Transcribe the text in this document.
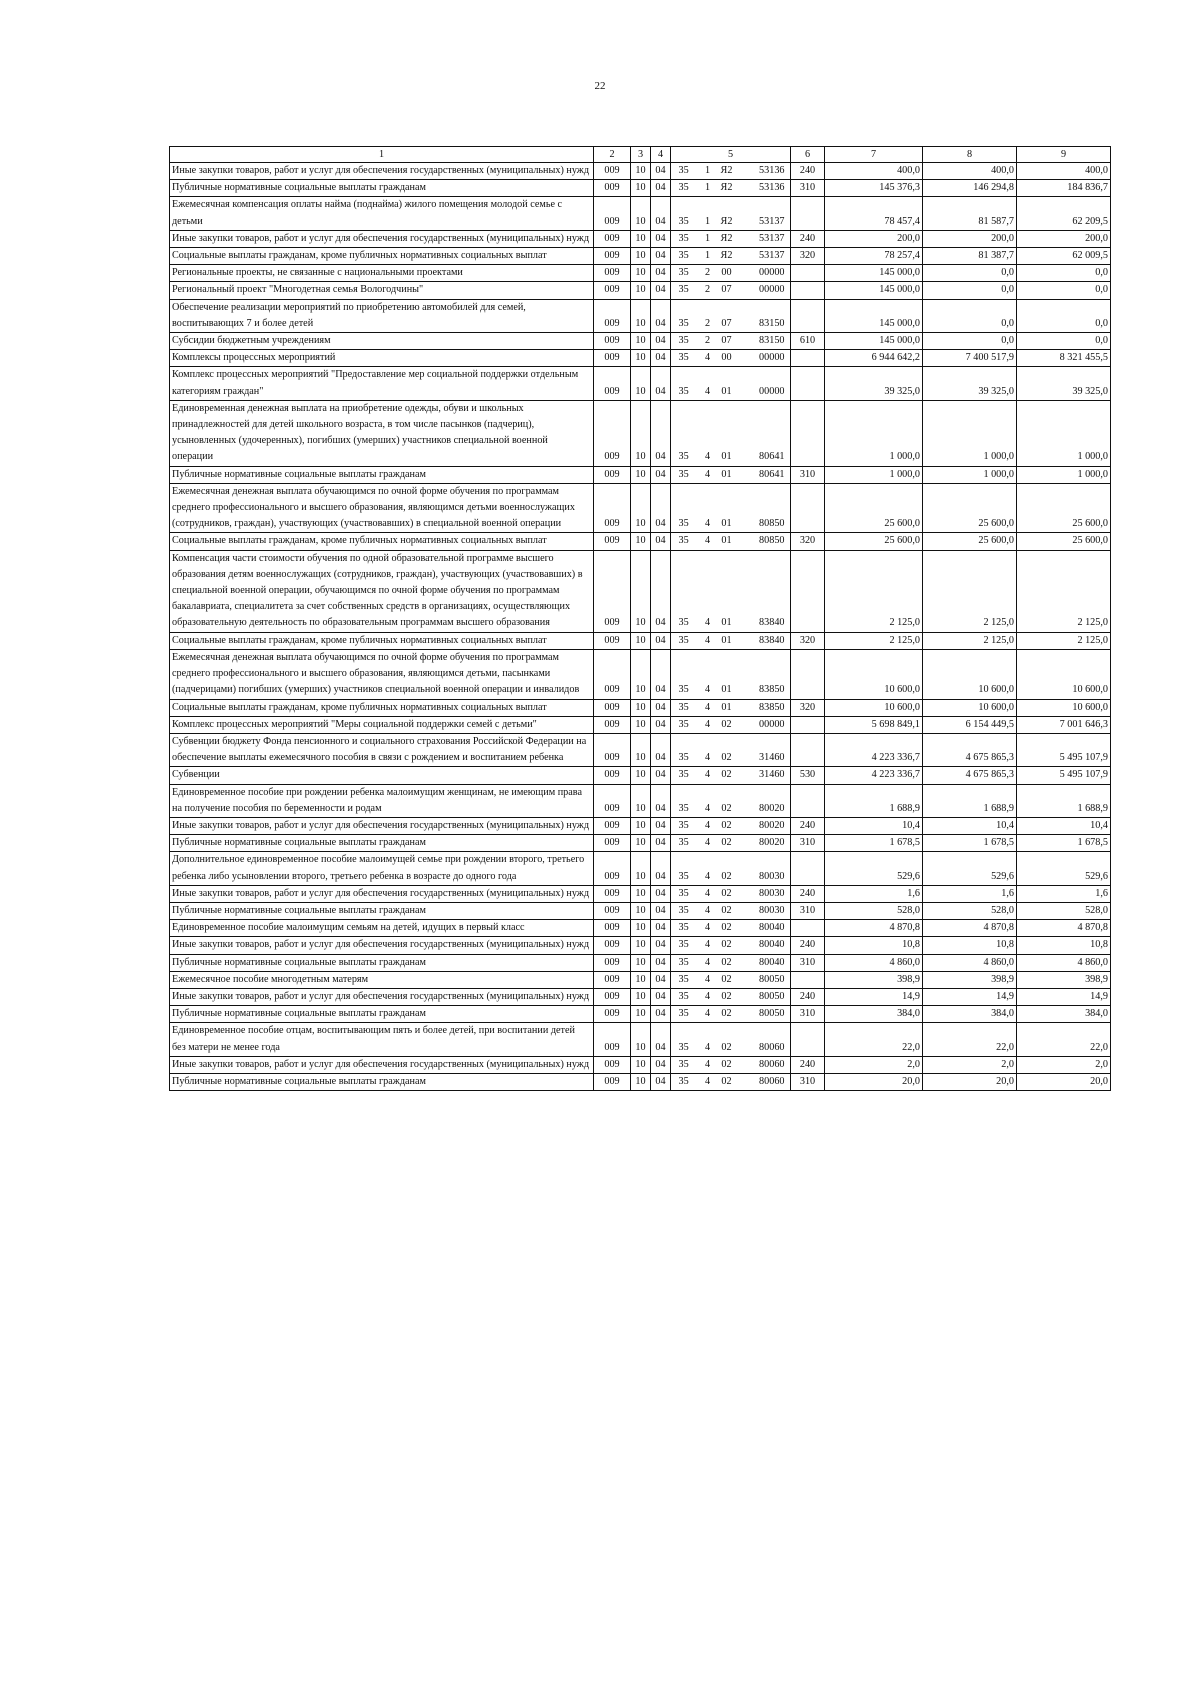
22
1	2	3	4	5	6	7	8	9
Иные закупки товаров, работ и услуг для обеспечения государственных (муниципальных) нужд	009	10	04	35 1 Я2 53136	240	400,0	400,0	400,0
Публичные нормативные социальные выплаты гражданам	009	10	04	35 1 Я2 53136	310	145 376,3	146 294,8	184 836,7
Ежемесячная компенсация оплаты найма (поднайма) жилого помещения молодой семье с детьми	009	10	04	35 1 Я2 53137		78 457,4	81 587,7	62 209,5
Иные закупки товаров, работ и услуг для обеспечения государственных (муниципальных) нужд	009	10	04	35 1 Я2 53137	240	200,0	200,0	200,0
Социальные выплаты гражданам, кроме публичных нормативных социальных выплат	009	10	04	35 1 Я2 53137	320	78 257,4	81 387,7	62 009,5
Региональные проекты, не связанные с национальными проектами	009	10	04	35 2 00 00000		145 000,0	0,0	0,0
Региональный проект "Многодетная семья Вологодчины"	009	10	04	35 2 07 00000		145 000,0	0,0	0,0
Обеспечение реализации мероприятий по приобретению автомобилей для семей, воспитывающих 7 и более детей	009	10	04	35 2 07 83150		145 000,0	0,0	0,0
Субсидии бюджетным учреждениям	009	10	04	35 2 07 83150	610	145 000,0	0,0	0,0
Комплексы процессных мероприятий	009	10	04	35 4 00 00000		6 944 642,2	7 400 517,9	8 321 455,5
Комплекс процессных мероприятий "Предоставление мер социальной поддержки отдельным категориям граждан"	009	10	04	35 4 01 00000		39 325,0	39 325,0	39 325,0
Единовременная денежная выплата на приобретение одежды, обуви и школьных принадлежностей для детей школьного возраста, в том числе пасынков (падчериц), усыновленных (удочеренных), погибших (умерших) участников специальной военной операции	009	10	04	35 4 01 80641		1 000,0	1 000,0	1 000,0
Публичные нормативные социальные выплаты гражданам	009	10	04	35 4 01 80641	310	1 000,0	1 000,0	1 000,0
Ежемесячная денежная выплата обучающимся по очной форме обучения по программам среднего профессионального и высшего образования, являющимся детьми военнослужащих (сотрудников, граждан), участвующих (участвовавших) в специальной военной операции	009	10	04	35 4 01 80850		25 600,0	25 600,0	25 600,0
Социальные выплаты гражданам, кроме публичных нормативных социальных выплат	009	10	04	35 4 01 80850	320	25 600,0	25 600,0	25 600,0
Компенсация части стоимости обучения по одной образовательной программе высшего образования детям военнослужащих (сотрудников, граждан), участвующих (участвовавших) в специальной военной операции, обучающимся по очной форме обучения по программам бакалавриата, специалитета за счет собственных средств в организациях, осуществляющих образовательную деятельность по образовательным программам высшего образования	009	10	04	35 4 01 83840		2 125,0	2 125,0	2 125,0
Социальные выплаты гражданам, кроме публичных нормативных социальных выплат	009	10	04	35 4 01 83840	320	2 125,0	2 125,0	2 125,0
Ежемесячная денежная выплата обучающимся по очной форме обучения по программам среднего профессионального и высшего образования, являющимся детьми, пасынками (падчерицами) погибших (умерших) участников специальной военной операции и инвалидов	009	10	04	35 4 01 83850		10 600,0	10 600,0	10 600,0
Социальные выплаты гражданам, кроме публичных нормативных социальных выплат	009	10	04	35 4 01 83850	320	10 600,0	10 600,0	10 600,0
Комплекс процессных мероприятий "Меры социальной поддержки семей с детьми"	009	10	04	35 4 02 00000		5 698 849,1	6 154 449,5	7 001 646,3
Субвенции бюджету Фонда пенсионного и социального страхования Российской Федерации на обеспечение выплаты ежемесячного пособия в связи с рождением и воспитанием ребенка	009	10	04	35 4 02 31460		4 223 336,7	4 675 865,3	5 495 107,9
Субвенции	009	10	04	35 4 02 31460	530	4 223 336,7	4 675 865,3	5 495 107,9
Единовременное пособие при рождении ребенка малоимущим женщинам, не имеющим права на получение пособия по беременности и родам	009	10	04	35 4 02 80020		1 688,9	1 688,9	1 688,9
Иные закупки товаров, работ и услуг для обеспечения государственных (муниципальных) нужд	009	10	04	35 4 02 80020	240	10,4	10,4	10,4
Публичные нормативные социальные выплаты гражданам	009	10	04	35 4 02 80020	310	1 678,5	1 678,5	1 678,5
Дополнительное единовременное пособие малоимущей семье при рождении второго, третьего ребенка либо усыновлении второго, третьего ребенка в возрасте до одного года	009	10	04	35 4 02 80030		529,6	529,6	529,6
Иные закупки товаров, работ и услуг для обеспечения государственных (муниципальных) нужд	009	10	04	35 4 02 80030	240	1,6	1,6	1,6
Публичные нормативные социальные выплаты гражданам	009	10	04	35 4 02 80030	310	528,0	528,0	528,0
Единовременное пособие малоимущим семьям на детей, идущих в первый класс	009	10	04	35 4 02 80040		4 870,8	4 870,8	4 870,8
Иные закупки товаров, работ и услуг для обеспечения государственных (муниципальных) нужд	009	10	04	35 4 02 80040	240	10,8	10,8	10,8
Публичные нормативные социальные выплаты гражданам	009	10	04	35 4 02 80040	310	4 860,0	4 860,0	4 860,0
Ежемесячное пособие многодетным матерям	009	10	04	35 4 02 80050		398,9	398,9	398,9
Иные закупки товаров, работ и услуг для обеспечения государственных (муниципальных) нужд	009	10	04	35 4 02 80050	240	14,9	14,9	14,9
Публичные нормативные социальные выплаты гражданам	009	10	04	35 4 02 80050	310	384,0	384,0	384,0
Единовременное пособие отцам, воспитывающим пять и более детей, при воспитании детей без матери не менее года	009	10	04	35 4 02 80060		22,0	22,0	22,0
Иные закупки товаров, работ и услуг для обеспечения государственных (муниципальных) нужд	009	10	04	35 4 02 80060	240	2,0	2,0	2,0
Публичные нормативные социальные выплаты гражданам	009	10	04	35 4 02 80060	310	20,0	20,0	20,0
